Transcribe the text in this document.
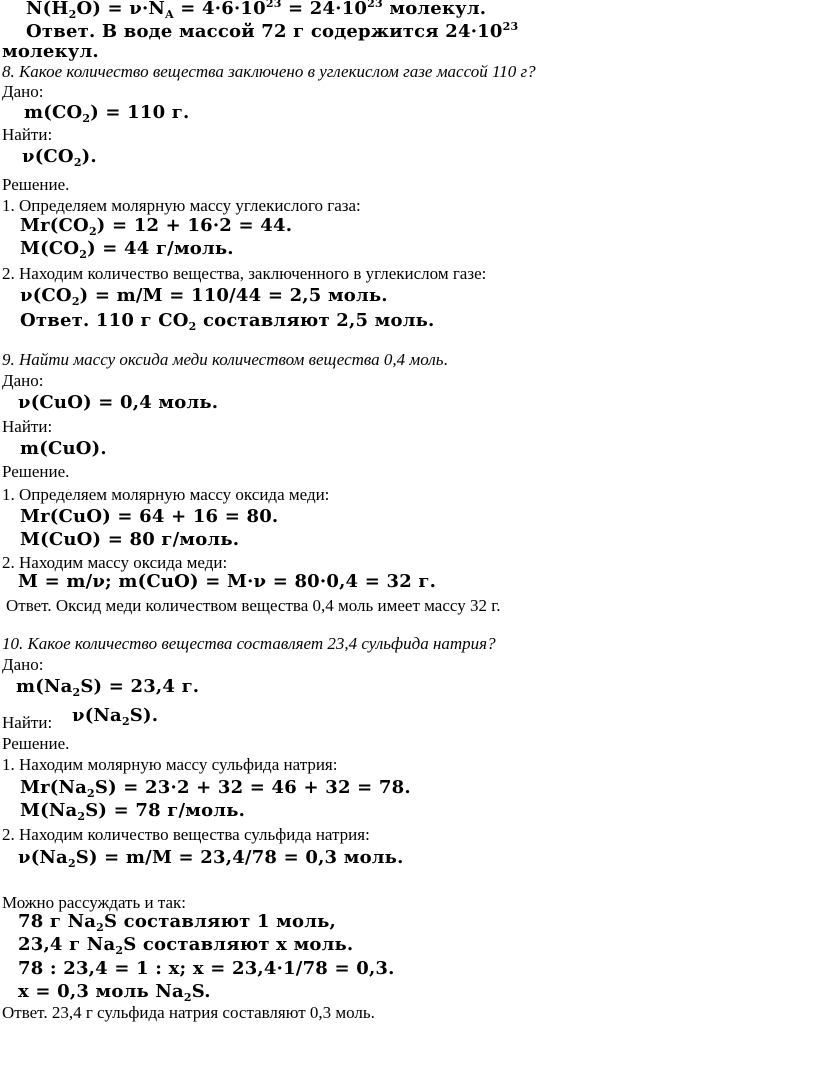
$N(H_2O) = \nu\cdot N_A = 4\cdot 6\cdot 10^{23} = 24\cdot 10^{23}$ молекул.
Ответ. В воде массой 72 г содержится $24\cdot 10^{23}$
молекул.
8. Какое количество вещества заключено в углекислом газе массой 110 г?
Дано:
$m(CO_2) = 110$ г.
Найти:
$\nu(CO_2)$.
Решение.
1. Определяем молярную массу углекислого газа:
$Mr(CO_2) = 12 + 16\cdot 2 = 44$.
$M(CO_2) = 44$ г/моль.
2. Находим количество вещества, заключенного в углекислом газе:
$\nu(CO_2) = m/M = 110/44 = 2,5$ моль.
Ответ. 110 г $CO_2$ составляют 2,5 моль.
9. Найти массу оксида меди количеством вещества 0,4 моль.
Дано:
ν(CuO) = 0,4 моль.
Найти:
m(CuO).
Решение.
1. Определяем молярную массу оксида меди:
Mr(CuO) = 64 + 16 = 80.
M(CuO) = 80 г/моль.
2. Находим массу оксида меди:
M = m/ν; m(CuO) = M·ν = 80·0,4 = 32 г.
Ответ. Оксид меди количеством вещества 0,4 моль имеет массу 32 г.
10. Какое количество вещества составляет 23,4 сульфида натрия?
Дано:
$m(Na_2S) = 23,4$ г.
Найти: $\nu(Na_2S)$.
Решение.
1. Находим молярную массу сульфида натрия:
$Mr(Na_2S) = 23\cdot 2 + 32 = 46 + 32 = 78$.
$M(Na_2S) = 78$ г/моль.
2. Находим количество вещества сульфида натрия:
$\nu(Na_2S) = m/M = 23,4/78 = 0,3$ моль.
Можно рассуждать и так:
78 г $Na_2S$ составляют 1 моль,
23,4 г $Na_2S$ составляют x моль.
78 : 23,4 = 1 : x; x = 23,4·1/78 = 0,3.
x = 0,3 моль $Na_2S$.
Ответ. 23,4 г сульфида натрия составляют 0,3 моль.
